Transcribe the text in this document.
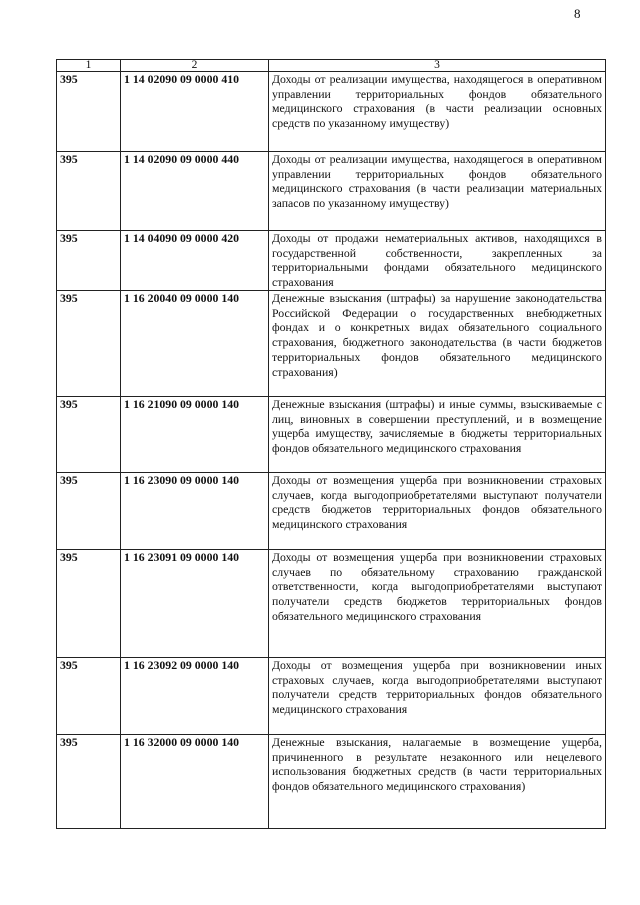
8
1	2	3
395	1 14 02090 09 0000 410	Доходы от реализации имущества, находящегося в оперативном управлении территориальных фондов обязательного медицинского страхования (в части реализации основных средств по указанному имуществу)
395	1 14 02090 09 0000 440	Доходы от реализации имущества, находящегося в оперативном управлении территориальных фондов обязательного медицинского страхования (в части реализации материальных запасов по указанному имуществу)
395	1 14 04090 09 0000 420	Доходы от продажи нематериальных активов, находящихся в государственной собственности, закрепленных за территориальными фондами обязательного медицинского страхования
395	1 16 20040 09 0000 140	Денежные взыскания (штрафы) за нарушение законодательства Российской Федерации о государственных внебюджетных фондах и о конкретных видах обязательного социального страхования, бюджетного законодательства (в части бюджетов территориальных фондов обязательного медицинского страхования)
395	1 16 21090 09 0000 140	Денежные взыскания (штрафы) и иные суммы, взыскиваемые с лиц, виновных в совершении преступлений, и в возмещение ущерба имуществу, зачисляемые в бюджеты территориальных фондов обязательного медицинского страхования
395	1 16 23090 09 0000 140	Доходы от возмещения ущерба при возникновении страховых случаев, когда выгодоприобретателями выступают получатели средств бюджетов территориальных фондов обязательного медицинского страхования
395	1 16 23091 09 0000 140	Доходы от возмещения ущерба при возникновении страховых случаев по обязательному страхованию гражданской ответственности, когда выгодоприобретателями выступают получатели средств бюджетов территориальных фондов обязательного медицинского страхования
395	1 16 23092 09 0000 140	Доходы от возмещения ущерба при возникновении иных страховых случаев, когда выгодоприобретателями выступают получатели средств территориальных фондов обязательного медицинского страхования
395	1 16 32000 09 0000 140	Денежные взыскания, налагаемые в возмещение ущерба, причиненного в результате незаконного или нецелевого использования бюджетных средств (в части территориальных фондов обязательного медицинского страхования)
